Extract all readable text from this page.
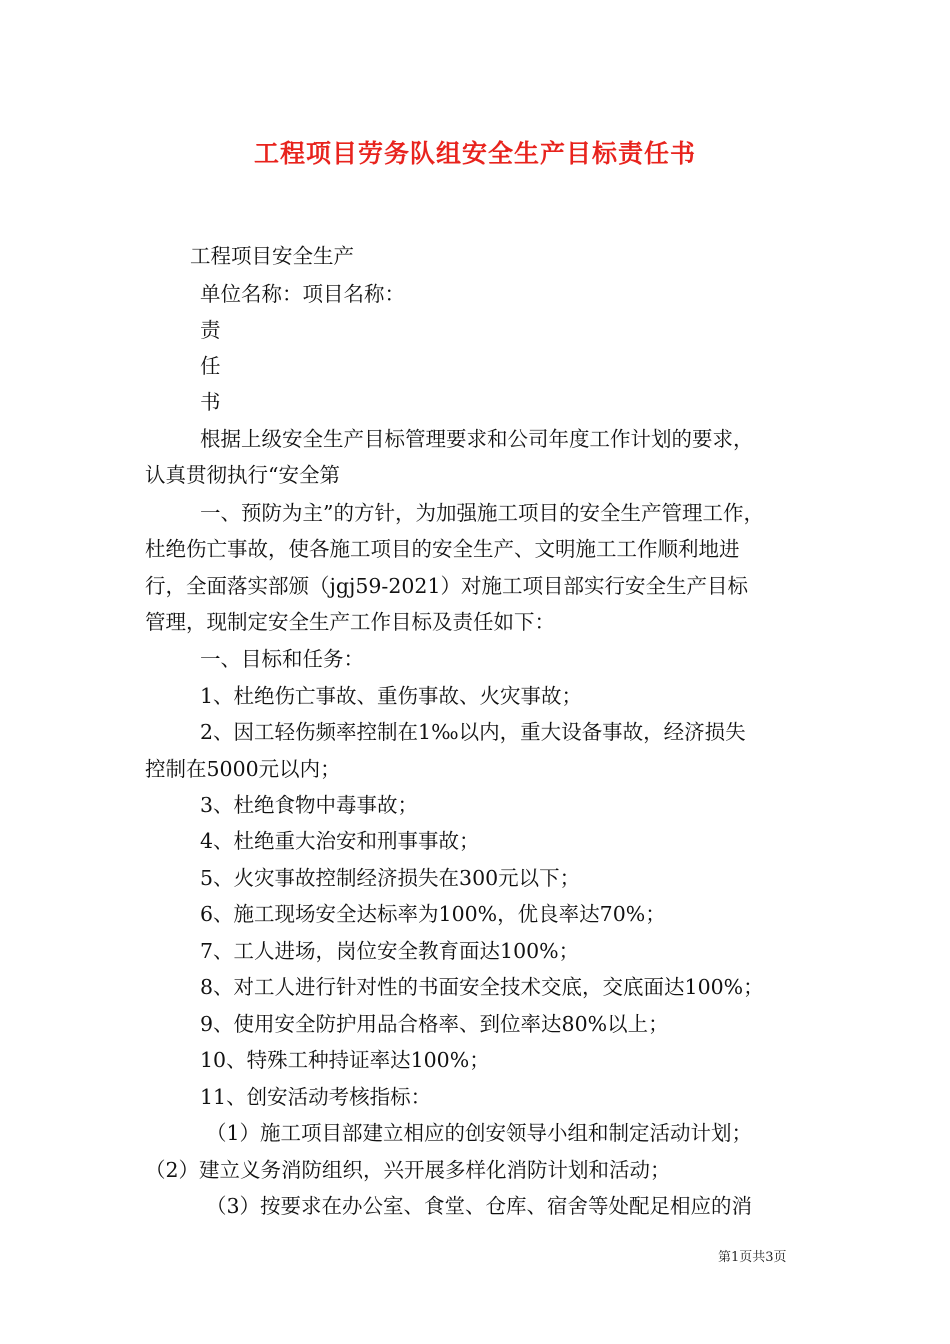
工程项目劳务队组安全生产目标责任书

工程项目安全生产

单位名称：项目名称：

责

任

书

根据上级安全生产目标管理要求和公司年度工作计划的要求，

认真贯彻执行“安全第

一、预防为主”的方针，为加强施工项目的安全生产管理工作，

杜绝伤亡事故，使各施工项目的安全生产、文明施工工作顺利地进

行，全面落实部颁（jgj59-2021）对施工项目部实行安全生产目标

管理，现制定安全生产工作目标及责任如下：

一、目标和任务：

1、杜绝伤亡事故、重伤事故、火灾事故；

2、因工轻伤频率控制在1‰以内，重大设备事故，经济损失

控制在5000元以内；

3、杜绝食物中毒事故；

4、杜绝重大治安和刑事事故；

5、火灾事故控制经济损失在300元以下；

6、施工现场安全达标率为100%，优良率达70%；

7、工人进场，岗位安全教育面达100%；

8、对工人进行针对性的书面安全技术交底，交底面达100%；

9、使用安全防护用品合格率、到位率达80%以上；

10、特殊工种持证率达100%；

11、创安活动考核指标：

（1）施工项目部建立相应的创安领导小组和制定活动计划；

（2）建立义务消防组织，兴开展多样化消防计划和活动；

（3）按要求在办公室、食堂、仓库、宿舍等处配足相应的消

第1页共3页
